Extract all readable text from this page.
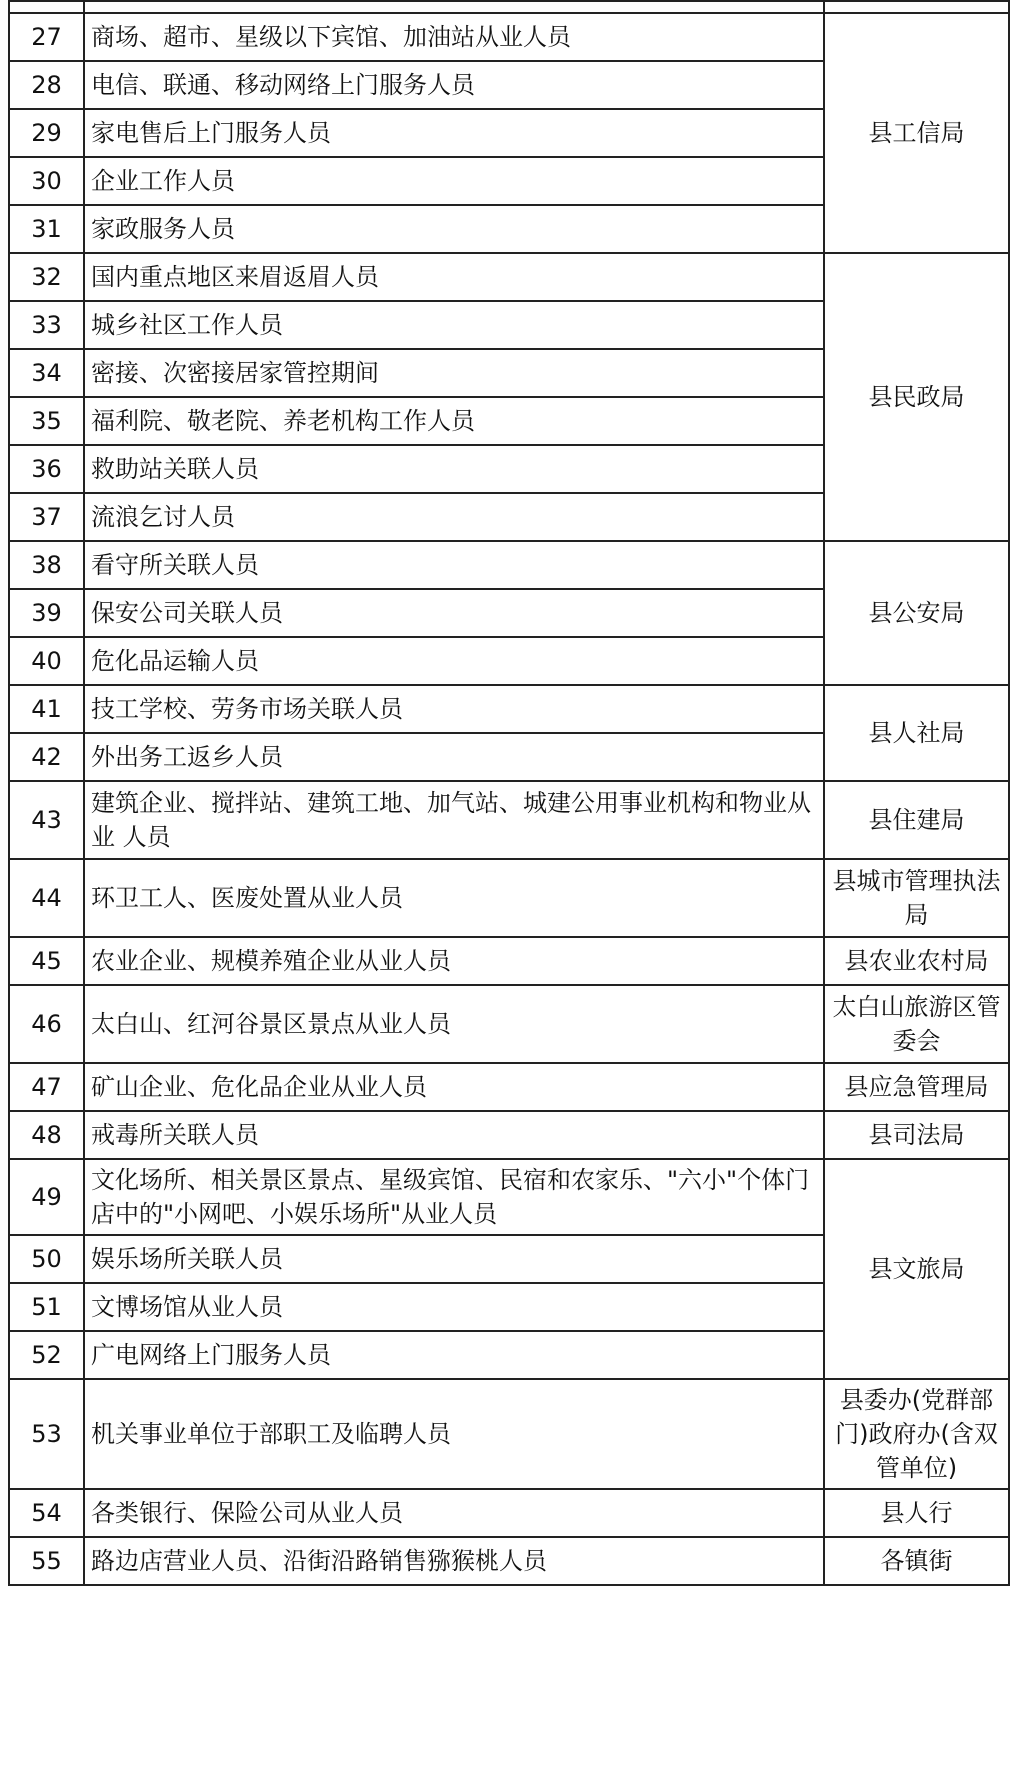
27	商场、超市、星级以下宾馆、加油站从业人员	县工信局
28	电信、联通、移动网络上门服务人员	
29	家电售后上门服务人员	
30	企业工作人员	
31	家政服务人员	
32	国内重点地区来眉返眉人员	县民政局
33	城乡社区工作人员	
34	密接、次密接居家管控期间	
35	福利院、敬老院、养老机构工作人员	
36	救助站关联人员	
37	流浪乞讨人员	
38	看守所关联人员	县公安局
39	保安公司关联人员	
40	危化品运输人员	
41	技工学校、劳务市场关联人员	县人社局
42	外出务工返乡人员	
43	建筑企业、搅拌站、建筑工地、加气站、城建公用事业机构和物业从业 人员	县住建局
44	环卫工人、医废处置从业人员	县城市管理执法局
45	农业企业、规模养殖企业从业人员	县农业农村局
46	太白山、红河谷景区景点从业人员	太白山旅游区管委会
47	矿山企业、危化品企业从业人员	县应急管理局
48	戒毒所关联人员	县司法局
49	文化场所、相关景区景点、星级宾馆、民宿和农家乐、"六小"个体门店中的"小网吧、小娱乐场所"从业人员	县文旅局
50	娱乐场所关联人员	
51	文博场馆从业人员	
52	广电网络上门服务人员	
53	机关事业单位于部职工及临聘人员	县委办(党群部门)政府办(含双管单位)
54	各类银行、保险公司从业人员	县人行
55	路边店营业人员、沿街沿路销售猕猴桃人员	各镇街
